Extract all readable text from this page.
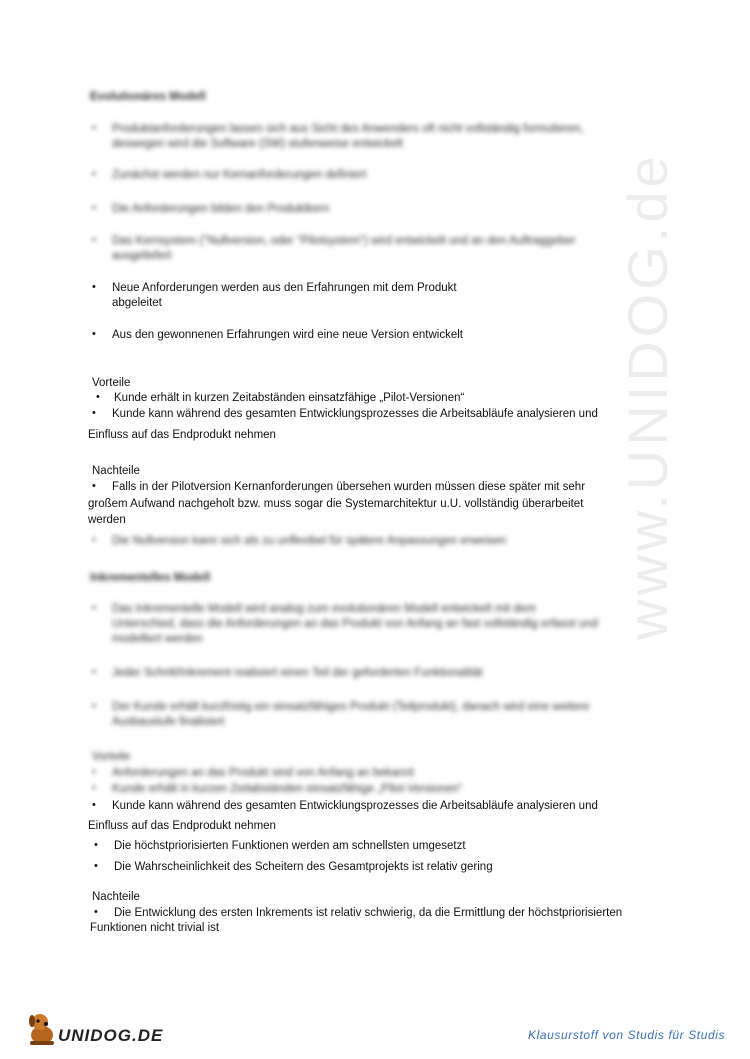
www.UNIDOG.de
Evolutionäres Modell
• Produktanforderungen lassen sich aus Sicht des Anwenders oft nicht vollständig formulieren,
deswegen wird die Software (SW) stufenweise entwickelt
• Zunächst werden nur Kernanforderungen definiert
• Die Anforderungen bilden den Produktkern
• Das Kernsystem ("Nullversion, oder "Pilotsystem") wird entwickelt und an den Auftraggeber
ausgeliefert
• Neue Anforderungen werden aus den Erfahrungen mit dem Produkt
abgeleitet
• Aus den gewonnenen Erfahrungen wird eine neue Version entwickelt
Vorteile
• Kunde erhält in kurzen Zeitabständen einsatzfähige „Pilot-Versionen“
• Kunde kann während des gesamten Entwicklungsprozesses die Arbeitsabläufe analysieren und
Einfluss auf das Endprodukt nehmen
Nachteile
• Falls in der Pilotversion Kernanforderungen übersehen wurden müssen diese später mit sehr
großem Aufwand nachgeholt bzw. muss sogar die Systemarchitektur u.U. vollständig überarbeitet
werden
• Die Nullversion kann sich als zu unflexibel für spätere Anpassungen erweisen
Inkrementelles Modell
• Das Inkrementelle Modell wird analog zum evolutionären Modell entwickelt mit dem
Unterschied, dass die Anforderungen an das Produkt von Anfang an fast vollständig erfasst und
modelliert werden
• Jeder Schritt/Inkrement realisiert einen Teil der geforderten Funktionalität
• Der Kunde erhält kurzfristig ein einsatzfähiges Produkt (Teilprodukt), danach wird eine weitere
Ausbaustufe finalisiert
Vorteile
• Anforderungen an das Produkt sind von Anfang an bekannt
• Kunde erhält in kurzen Zeitabständen einsatzfähige „Pilot-Versionen“
• Kunde kann während des gesamten Entwicklungsprozesses die Arbeitsabläufe analysieren und
Einfluss auf das Endprodukt nehmen
• Die höchstpriorisierten Funktionen werden am schnellsten umgesetzt
• Die Wahrscheinlichkeit des Scheitern des Gesamtprojekts ist relativ gering
Nachteile
• Die Entwicklung des ersten Inkrements ist relativ schwierig, da die Ermittlung der höchstpriorisierten
Funktionen nicht trivial ist
UNIDOG.DE	Klausurstoff von Studis für Studis
